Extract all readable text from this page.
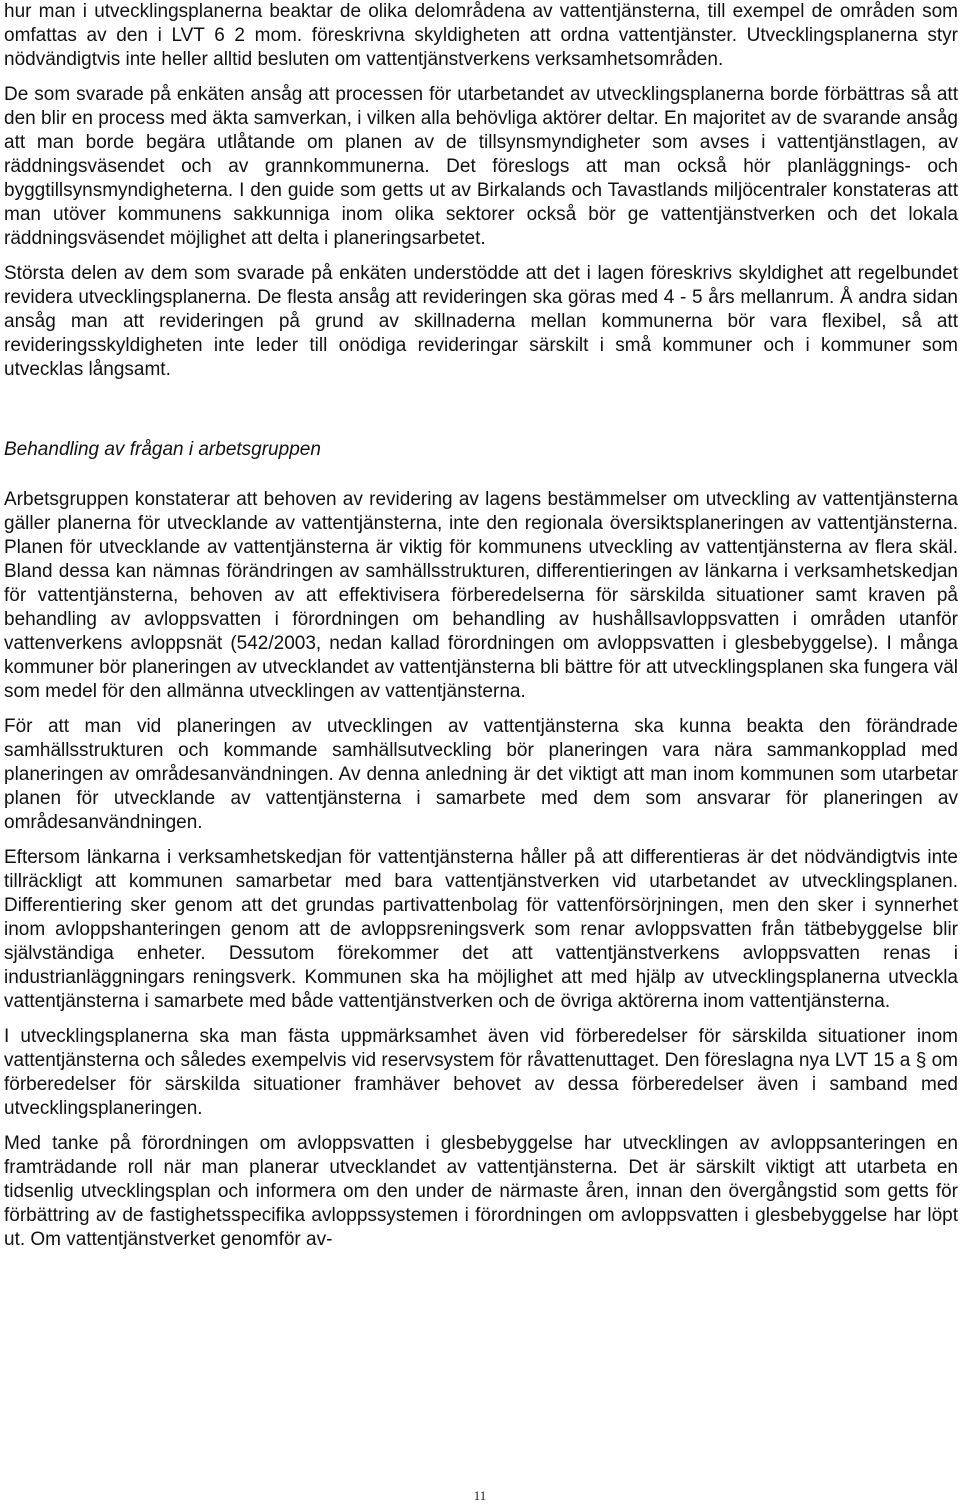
hur man i utvecklingsplanerna beaktar de olika delområdena av vattentjänsterna, till exempel de områden som omfattas av den i LVT 6 2 mom. föreskrivna skyldigheten att ordna vattentjänster. Utvecklingsplanerna styr nödvändigtvis inte heller alltid besluten om vattentjänstverkens verksamhetsområden.

De som svarade på enkäten ansåg att processen för utarbetandet av utvecklingsplanerna borde förbättras så att den blir en process med äkta samverkan, i vilken alla behövliga aktörer deltar. En majoritet av de svarande ansåg att man borde begära utlåtande om planen av de tillsynsmyndigheter som avses i vattentjänstlagen, av räddningsväsendet och av grannkommunerna. Det föreslogs att man också hör planläggnings- och byggtillsynsmyndigheterna. I den guide som getts ut av Birkalands och Tavastlands miljöcentraler konstateras att man utöver kommunens sakkunniga inom olika sektorer också bör ge vattentjänstverken och det lokala räddningsväsendet möjlighet att delta i planeringsarbetet.

Största delen av dem som svarade på enkäten understödde att det i lagen föreskrivs skyldighet att regelbundet revidera utvecklingsplanerna. De flesta ansåg att revideringen ska göras med 4 - 5 års mellanrum. Å andra sidan ansåg man att revideringen på grund av skillnaderna mellan kommunerna bör vara flexibel, så att revideringsskyldigheten inte leder till onödiga revideringar särskilt i små kommuner och i kommuner som utvecklas långsamt.

Behandling av frågan i arbetsgruppen

Arbetsgruppen konstaterar att behoven av revidering av lagens bestämmelser om utveckling av vattentjänsterna gäller planerna för utvecklande av vattentjänsterna, inte den regionala översiktsplaneringen av vattentjänsterna. Planen för utvecklande av vattentjänsterna är viktig för kommunens utveckling av vattentjänsterna av flera skäl. Bland dessa kan nämnas förändringen av samhällsstrukturen, differentieringen av länkarna i verksamhetskedjan för vattentjänsterna, behoven av att effektivisera förberedelserna för särskilda situationer samt kraven på behandling av avloppsvatten i förordningen om behandling av hushållsavloppsvatten i områden utanför vattenverkens avloppsnät (542/2003, nedan kallad förordningen om avloppsvatten i glesbebyggelse). I många kommuner bör planeringen av utvecklandet av vattentjänsterna bli bättre för att utvecklingsplanen ska fungera väl som medel för den allmänna utvecklingen av vattentjänsterna.

För att man vid planeringen av utvecklingen av vattentjänsterna ska kunna beakta den förändrade samhällsstrukturen och kommande samhällsutveckling bör planeringen vara nära sammankopplad med planeringen av områdesanvändningen. Av denna anledning är det viktigt att man inom kommunen som utarbetar planen för utvecklande av vattentjänsterna i samarbete med dem som ansvarar för planeringen av områdesanvändningen.

Eftersom länkarna i verksamhetskedjan för vattentjänsterna håller på att differentieras är det nödvändigtvis inte tillräckligt att kommunen samarbetar med bara vattentjänstverken vid utarbetandet av utvecklingsplanen. Differentiering sker genom att det grundas partivattenbolag för vattenförsörjningen, men den sker i synnerhet inom avloppshanteringen genom att de avloppsreningsverk som renar avloppsvatten från tätbebyggelse blir självständiga enheter. Dessutom förekommer det att vattentjänstverkens avloppsvatten renas i industrianläggningars reningsverk. Kommunen ska ha möjlighet att med hjälp av utvecklingsplanerna utveckla vattentjänsterna i samarbete med både vattentjänstverken och de övriga aktörerna inom vattentjänsterna.

I utvecklingsplanerna ska man fästa uppmärksamhet även vid förberedelser för särskilda situationer inom vattentjänsterna och således exempelvis vid reservsystem för råvattenuttaget. Den föreslagna nya LVT 15 a § om förberedelser för särskilda situationer framhäver behovet av dessa förberedelser även i samband med utvecklingsplaneringen.

Med tanke på förordningen om avloppsvatten i glesbebyggelse har utvecklingen av avloppsanteringen en framträdande roll när man planerar utvecklandet av vattentjänsterna. Det är särskilt viktigt att utarbeta en tidsenlig utvecklingsplan och informera om den under de närmaste åren, innan den övergångstid som getts för förbättring av de fastighetsspecifika avloppssystemen i förordningen om avloppsvatten i glesbebyggelse har löpt ut. Om vattentjänstverket genomför av-

11
